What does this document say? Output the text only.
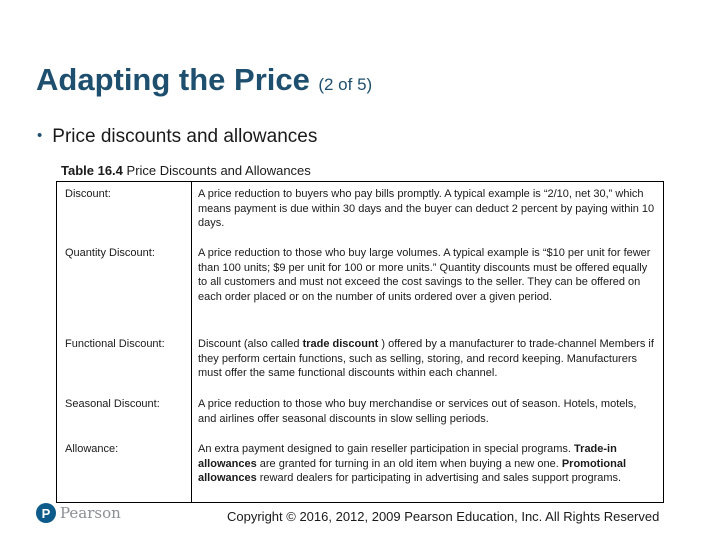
Adapting the Price (2 of 5)
• Price discounts and allowances
Table 16.4 Price Discounts and Allowances
Discount:	A price reduction to buyers who pay bills promptly. A typical example is “2/10, net 30,” which means payment is due within 30 days and the buyer can deduct 2 percent by paying within 10 days.
Quantity Discount:	A price reduction to those who buy large volumes. A typical example is “$10 per unit for fewer than 100 units; $9 per unit for 100 or more units.” Quantity discounts must be offered equally to all customers and must not exceed the cost savings to the seller. They can be offered on each order placed or on the number of units ordered over a given period.
Functional Discount:	Discount (also called trade discount ) offered by a manufacturer to trade-channel Members if they perform certain functions, such as selling, storing, and record keeping. Manufacturers must offer the same functional discounts within each channel.
Seasonal Discount:	A price reduction to those who buy merchandise or services out of season. Hotels, motels, and airlines offer seasonal discounts in slow selling periods.
Allowance:	An extra payment designed to gain reseller participation in special programs. Trade-in allowances are granted for turning in an old item when buying a new one. Promotional allowances reward dealers for participating in advertising and sales support programs.
P Pearson	Copyright © 2016, 2012, 2009 Pearson Education, Inc. All Rights Reserved
